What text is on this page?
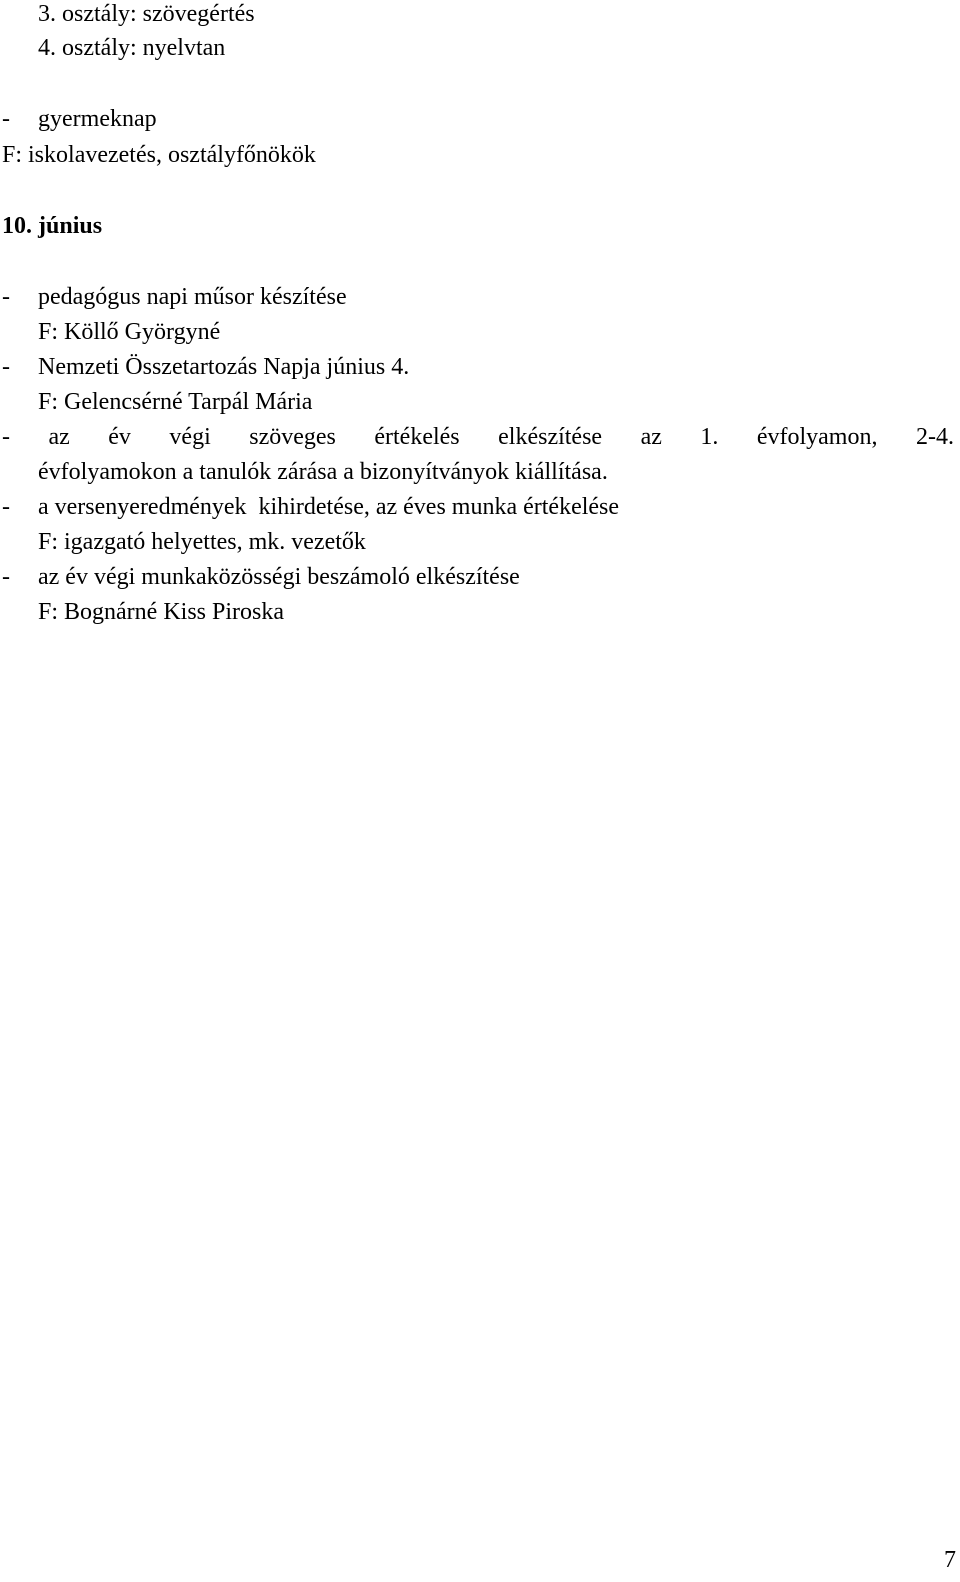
3. osztály: szövegértés
4. osztály: nyelvtan
- gyermeknap
F: iskolavezetés, osztályfőnökök
10. június
- pedagógus napi műsor készítése
F: Köllő Györgyné
- Nemzeti Összetartozás Napja június 4.
F: Gelencsérné Tarpál Mária
- az év végi szöveges értékelés elkészítése az 1. évfolyamon, 2-4.
évfolyamokon a tanulók zárása a bizonyítványok kiállítása.
- a versenyeredmények  kihirdetése, az éves munka értékelése
F: igazgató helyettes, mk. vezetők
- az év végi munkaközösségi beszámoló elkészítése
F: Bognárné Kiss Piroska
7
